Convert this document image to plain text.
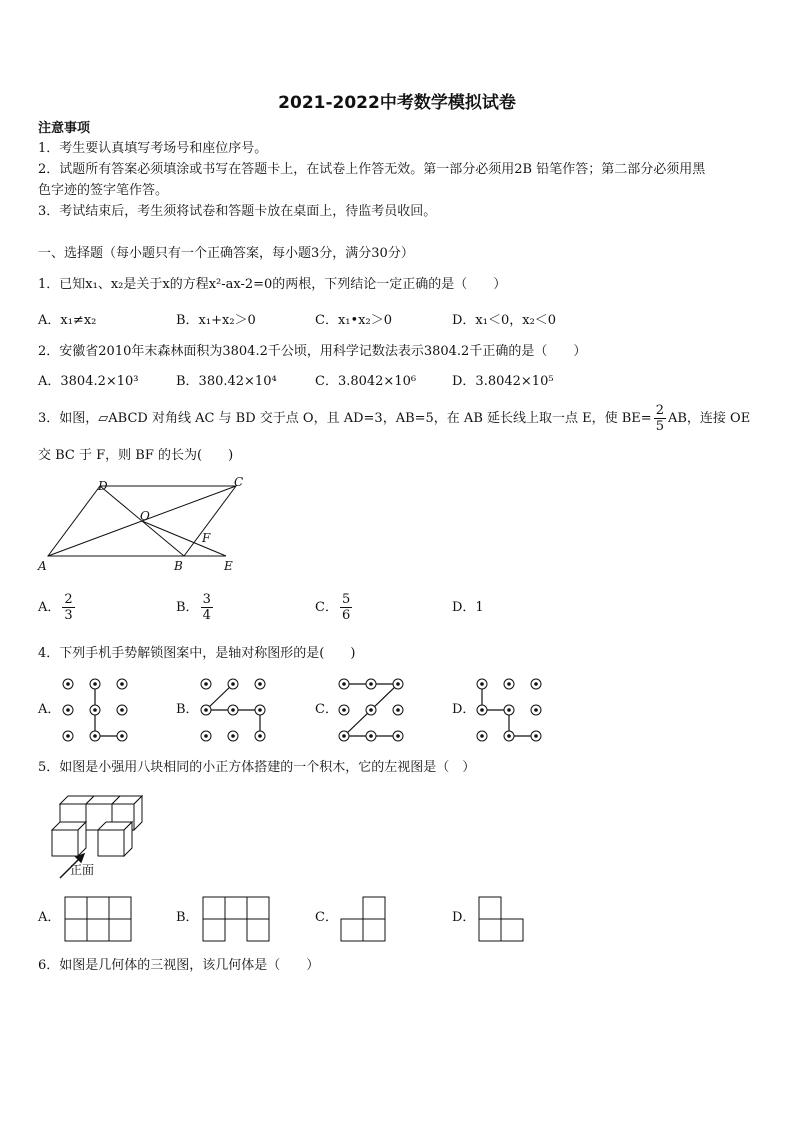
2021-2022中考数学模拟试卷
注意事项
1．考生要认真填写考场号和座位序号。
2．试题所有答案必须填涂或书写在答题卡上，在试卷上作答无效。第一部分必须用2B 铅笔作答；第二部分必须用黑
色字迹的签字笔作答。
3．考试结束后，考生须将试卷和答题卡放在桌面上，待监考员收回。
一、选择题（每小题只有一个正确答案，每小题3分，满分30分）
1．已知x₁、x₂是关于x的方程x²-ax-2=0的两根，下列结论一定正确的是（　　）
A．x₁≠x₂	B．x₁+x₂＞0	C．x₁•x₂＞0	D．x₁＜0，x₂＜0
2．安徽省2010年末森林面积为3804.2千公顷，用科学记数法表示3804.2千正确的是（　　）
A．3804.2×10³	B．380.42×10⁴	C．3.8042×10⁶	D．3.8042×10⁵
3．如图，▱ABCD 对角线 AC 与 BD 交于点 O，且 AD=3，AB=5，在 AB 延长线上取一点 E，使 $BE= \frac{2}{5}$ AB，连接 OE
交 BC 于 F，则 BF 的长为(　　)
A	B
C
D
E
F
O
A． $\frac{2}{3}$	B． $\frac{3}{4}$	C． $\frac{5}{6}$	D．1
4．下列手机手势解锁图案中，是轴对称图形的是(　　)
A．	B．	C．	D．
5．如图是小强用八块相同的小正方体搭建的一个积木，它的左视图是（　）
正面
A．	B．	C．	D．
6．如图是几何体的三视图，该几何体是（　　）
